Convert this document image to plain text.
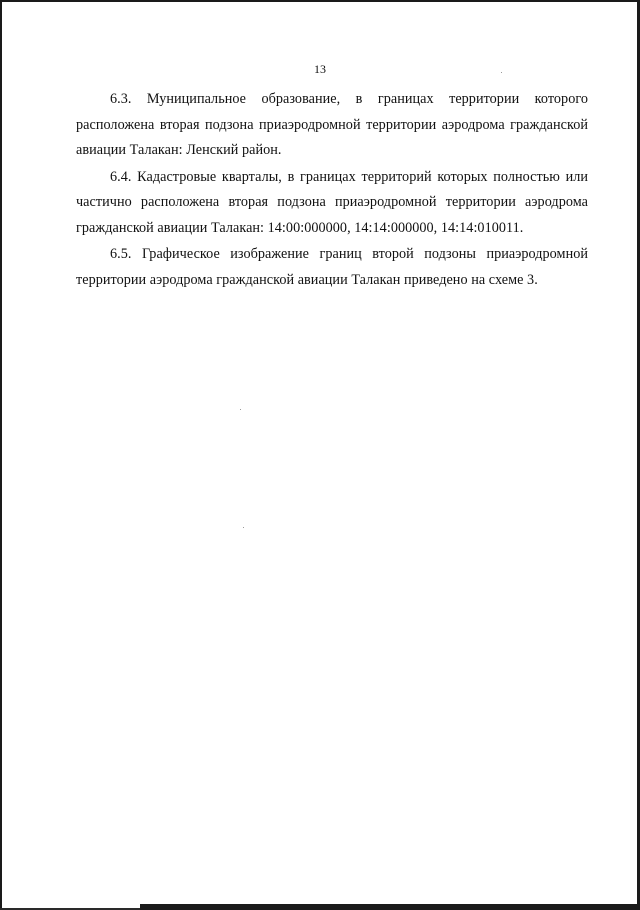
13

6.3. Муниципальное образование, в границах территории которого расположена вторая подзона приаэродромной территории аэродрома гражданской авиации Талакан: Ленский район.

6.4. Кадастровые кварталы, в границах территорий которых полностью или частично расположена вторая подзона приаэродромной территории аэродрома гражданской авиации Талакан: 14:00:000000, 14:14:000000, 14:14:010011.

6.5. Графическое изображение границ второй подзоны приаэродромной территории аэродрома гражданской авиации Талакан приведено на схеме 3.
